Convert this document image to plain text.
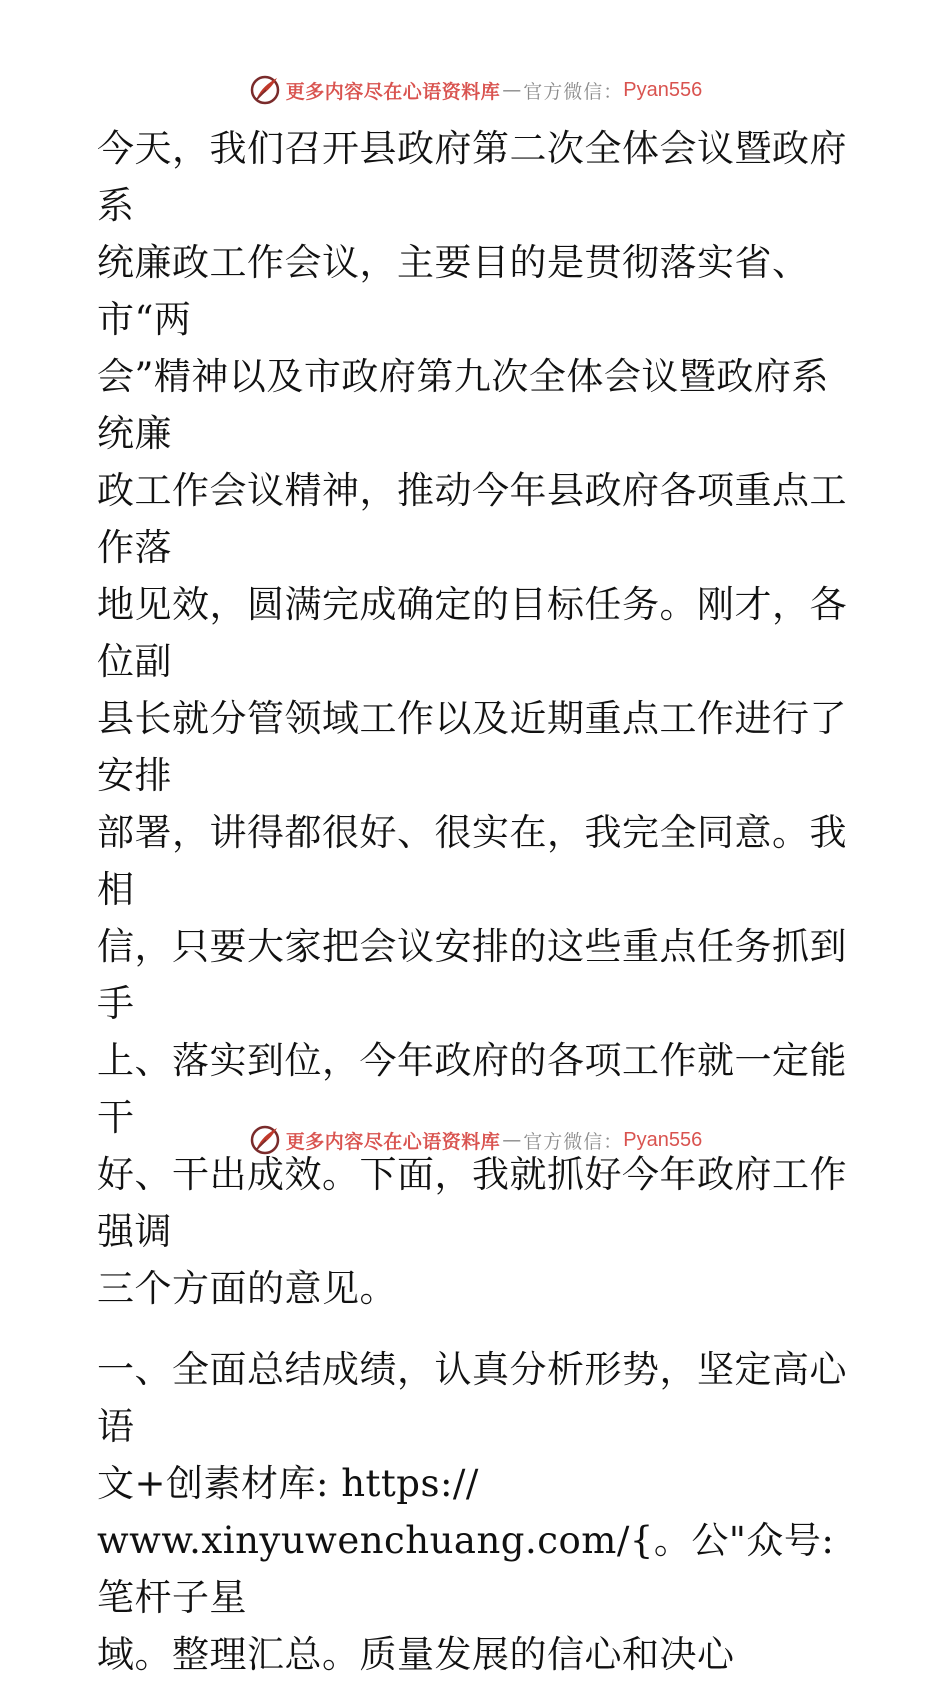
更多内容尽在心语资料库 — 官方微信： Pyan556

今天，我们召开县政府第二次全体会议暨政府系
统廉政工作会议，主要目的是贯彻落实省、市“两
会”精神以及市政府第九次全体会议暨政府系统廉
政工作会议精神，推动今年县政府各项重点工作落
地见效，圆满完成确定的目标任务。刚才，各位副
县长就分管领域工作以及近期重点工作进行了安排
部署，讲得都很好、很实在，我完全同意。我相
信，只要大家把会议安排的这些重点任务抓到手
上、落实到位，今年政府的各项工作就一定能干
好、干出成效。下面，我就抓好今年政府工作强调
三个方面的意见。

一、全面总结成绩，认真分析形势，坚定高心语
文+创素材库: https://
www.xinyuwenchuang.com/{。公"众号: 笔杆子星
域。整理汇总。质量发展的信心和决心

更多内容尽在心语资料库 — 官方微信： Pyan556
